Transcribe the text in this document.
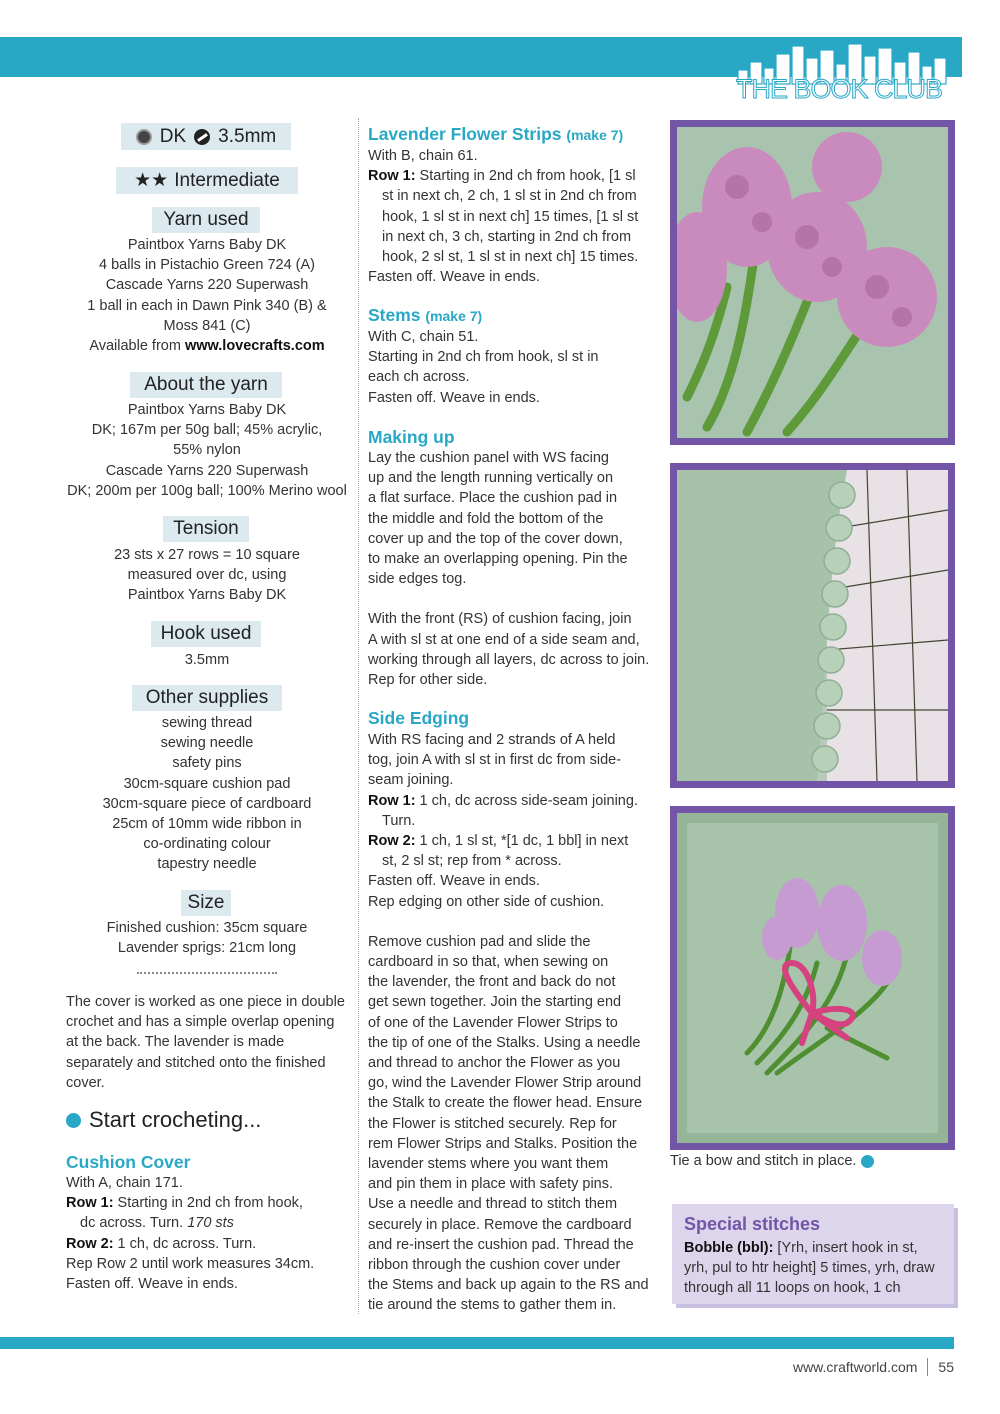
THE BOOK CLUB
DK 3.5mm
★★ Intermediate
Yarn used
Paintbox Yarns Baby DK
4 balls in Pistachio Green 724 (A)
Cascade Yarns 220 Superwash
1 ball in each in Dawn Pink 340 (B) &
Moss 841 (C)
Available from www.lovecrafts.com
About the yarn
Paintbox Yarns Baby DK
DK; 167m per 50g ball; 45% acrylic,
55% nylon
Cascade Yarns 220 Superwash
DK; 200m per 100g ball; 100% Merino wool
Tension
23 sts x 27 rows = 10 square
measured over dc, using
Paintbox Yarns Baby DK
Hook used
3.5mm
Other supplies
sewing thread
sewing needle
safety pins
30cm-square cushion pad
30cm-square piece of cardboard
25cm of 10mm wide ribbon in
co-ordinating colour
tapestry needle
Size
Finished cushion: 35cm square
Lavender sprigs: 21cm long
The cover is worked as one piece in double crochet and has a simple overlap opening at the back. The lavender is made separately and stitched onto the finished cover.
Start crocheting...
Cushion Cover
With A, chain 171.
Row 1: Starting in 2nd ch from hook,
dc across. Turn. 170 sts
Row 2: 1 ch, dc across. Turn.
Rep Row 2 until work measures 34cm.
Fasten off. Weave in ends.
Lavender Flower Strips (make 7)
With B, chain 61.
Row 1: Starting in 2nd ch from hook, [1 sl
st in next ch, 2 ch, 1 sl st in 2nd ch from
hook, 1 sl st in next ch] 15 times, [1 sl st
in next ch, 3 ch, starting in 2nd ch from
hook, 2 sl st, 1 sl st in next ch] 15 times.
Fasten off. Weave in ends.
Stems (make 7)
With C, chain 51.
Starting in 2nd ch from hook, sl st in
each ch across.
Fasten off. Weave in ends.
Making up
Lay the cushion panel with WS facing
up and the length running vertically on
a flat surface. Place the cushion pad in
the middle and fold the bottom of the
cover up and the top of the cover down,
to make an overlapping opening. Pin the
side edges tog.
With the front (RS) of cushion facing, join
A with sl st at one end of a side seam and,
working through all layers, dc across to join.
Rep for other side.
Side Edging
With RS facing and 2 strands of A held
tog, join A with sl st in first dc from side-
seam joining.
Row 1: 1 ch, dc across side-seam joining.
Turn.
Row 2: 1 ch, 1 sl st, *[1 dc, 1 bbl] in next
st, 2 sl st; rep from * across.
Fasten off. Weave in ends.
Rep edging on other side of cushion.
Remove cushion pad and slide the
cardboard in so that, when sewing on
the lavender, the front and back do not
get sewn together. Join the starting end
of one of the Lavender Flower Strips to
the tip of one of the Stalks. Using a needle
and thread to anchor the Flower as you
go, wind the Lavender Flower Strip around
the Stalk to create the flower head. Ensure
the Flower is stitched securely. Rep for
rem Flower Strips and Stalks. Position the
lavender stems where you want them
and pin them in place with safety pins.
Use a needle and thread to stitch them
securely in place. Remove the cardboard
and re-insert the cushion pad. Thread the
ribbon through the cushion cover under
the Stems and back up again to the RS and
tie around the stems to gather them in.
Tie a bow and stitch in place.
Special stitches
Bobble (bbl): [Yrh, insert hook in st, yrh, pul to htr height] 5 times, yrh, draw through all 11 loops on hook, 1 ch
www.craftworld.com 55
